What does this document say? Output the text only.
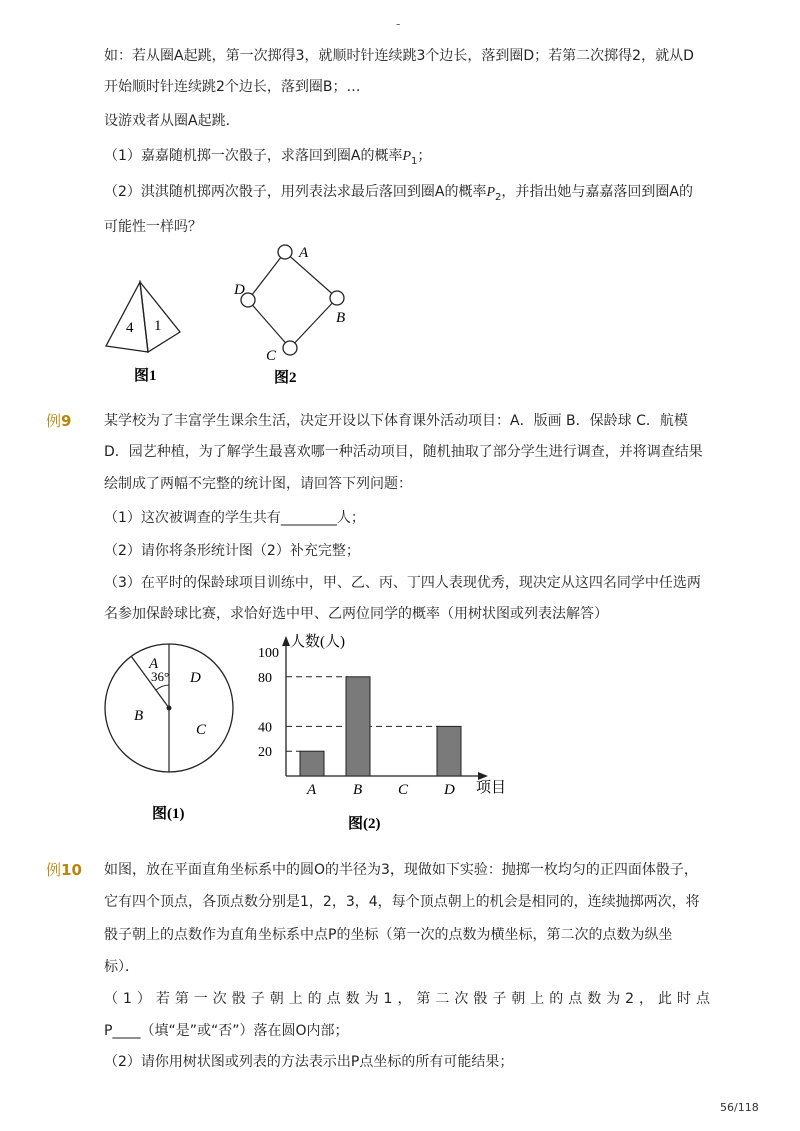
-
如：若从圈A起跳，第一次掷得3，就顺时针连续跳3个边长，落到圈D；若第二次掷得2，就从D
开始顺时针连续跳2个边长，落到圈B；…
设游戏者从圈A起跳．
（1）嘉嘉随机掷一次骰子，求落回到圈A的概率$P_1$；
（2）淇淇随机掷两次骰子，用列表法求最后落回到圈A的概率$P_2$，并指出她与嘉嘉落回到圈A的
可能性一样吗？
4 1
图1
A
D
B
C
图2
例9 某学校为了丰富学生课余生活，决定开设以下体育课外活动项目：A．版画 B．保龄球 C．航模
D．园艺种植，为了解学生最喜欢哪一种活动项目，随机抽取了部分学生进行调查，并将调查结果
绘制成了两幅不完整的统计图，请回答下列问题：
（1）这次被调查的学生共有________人；
（2）请你将条形统计图（2）补充完整；
（3）在平时的保龄球项目训练中，甲、乙、丙、丁四人表现优秀，现决定从这四名同学中任选两
名参加保龄球比赛，求恰好选中甲、乙两位同学的概率（用树状图或列表法解答）
A
36° D
B
C
图(1)
人数(人)
项目
20
40
80
100
A B C D
图(2)
例10 如图，放在平面直角坐标系中的圆O的半径为3，现做如下实验：抛掷一枚均匀的正四面体骰子，
它有四个顶点，各顶点数分别是1，2，3，4，每个顶点朝上的机会是相同的，连续抛掷两次，将
骰子朝上的点数作为直角坐标系中点P的坐标（第一次的点数为横坐标，第二次的点数为纵坐
标）．
（1）若第一次骰子朝上的点数为1，第二次骰子朝上的点数为2，此时点
P____（填“是”或“否”）落在圆O内部；
（2）请你用树状图或列表的方法表示出P点坐标的所有可能结果；
56/118
